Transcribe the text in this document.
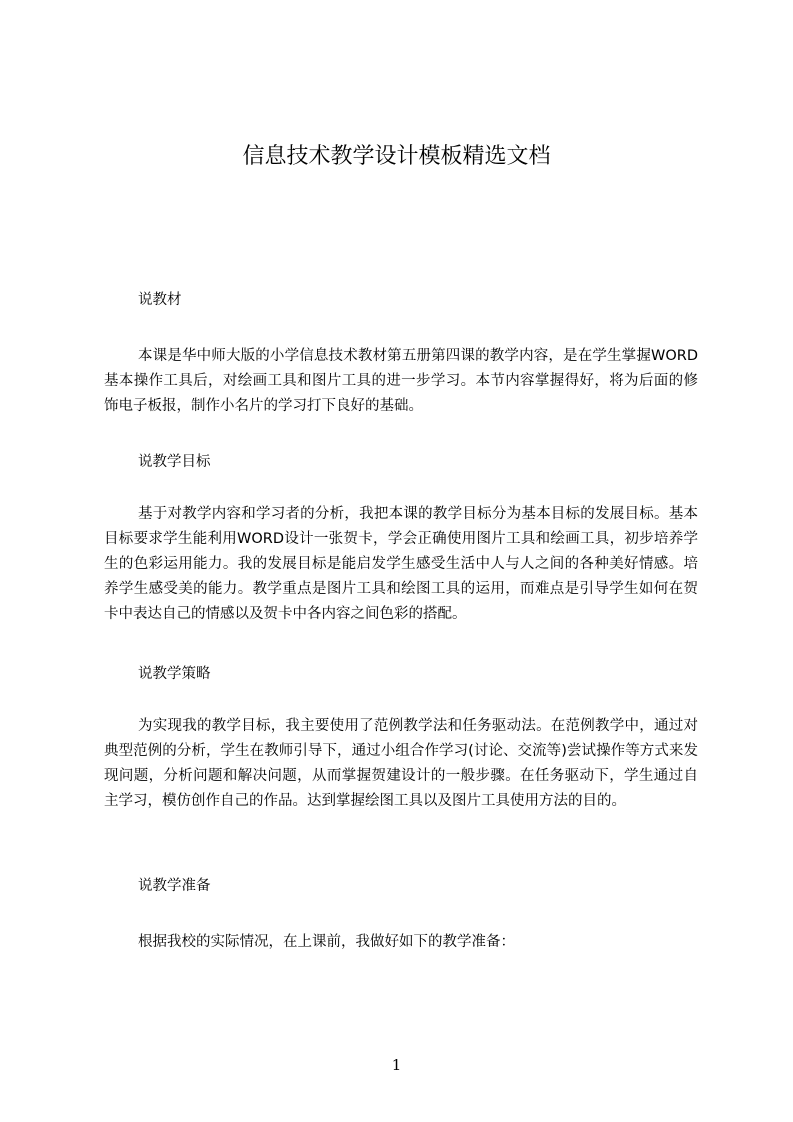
信息技术教学设计模板精选文档
说教材
本课是华中师大版的小学信息技术教材第五册第四课的教学内容，是在学生掌握WORD基本操作工具后，对绘画工具和图片工具的进一步学习。本节内容掌握得好，将为后面的修饰电子板报，制作小名片的学习打下良好的基础。
说教学目标
基于对教学内容和学习者的分析，我把本课的教学目标分为基本目标的发展目标。基本目标要求学生能利用WORD设计一张贺卡，学会正确使用图片工具和绘画工具，初步培养学生的色彩运用能力。我的发展目标是能启发学生感受生活中人与人之间的各种美好情感。培养学生感受美的能力。教学重点是图片工具和绘图工具的运用，而难点是引导学生如何在贺卡中表达自己的情感以及贺卡中各内容之间色彩的搭配。
说教学策略
为实现我的教学目标，我主要使用了范例教学法和任务驱动法。在范例教学中，通过对典型范例的分析，学生在教师引导下，通过小组合作学习(讨论、交流等)尝试操作等方式来发现问题，分析问题和解决问题，从而掌握贺建设计的一般步骤。在任务驱动下，学生通过自主学习，模仿创作自己的作品。达到掌握绘图工具以及图片工具使用方法的目的。
说教学准备
根据我校的实际情况，在上课前，我做好如下的教学准备：
1
